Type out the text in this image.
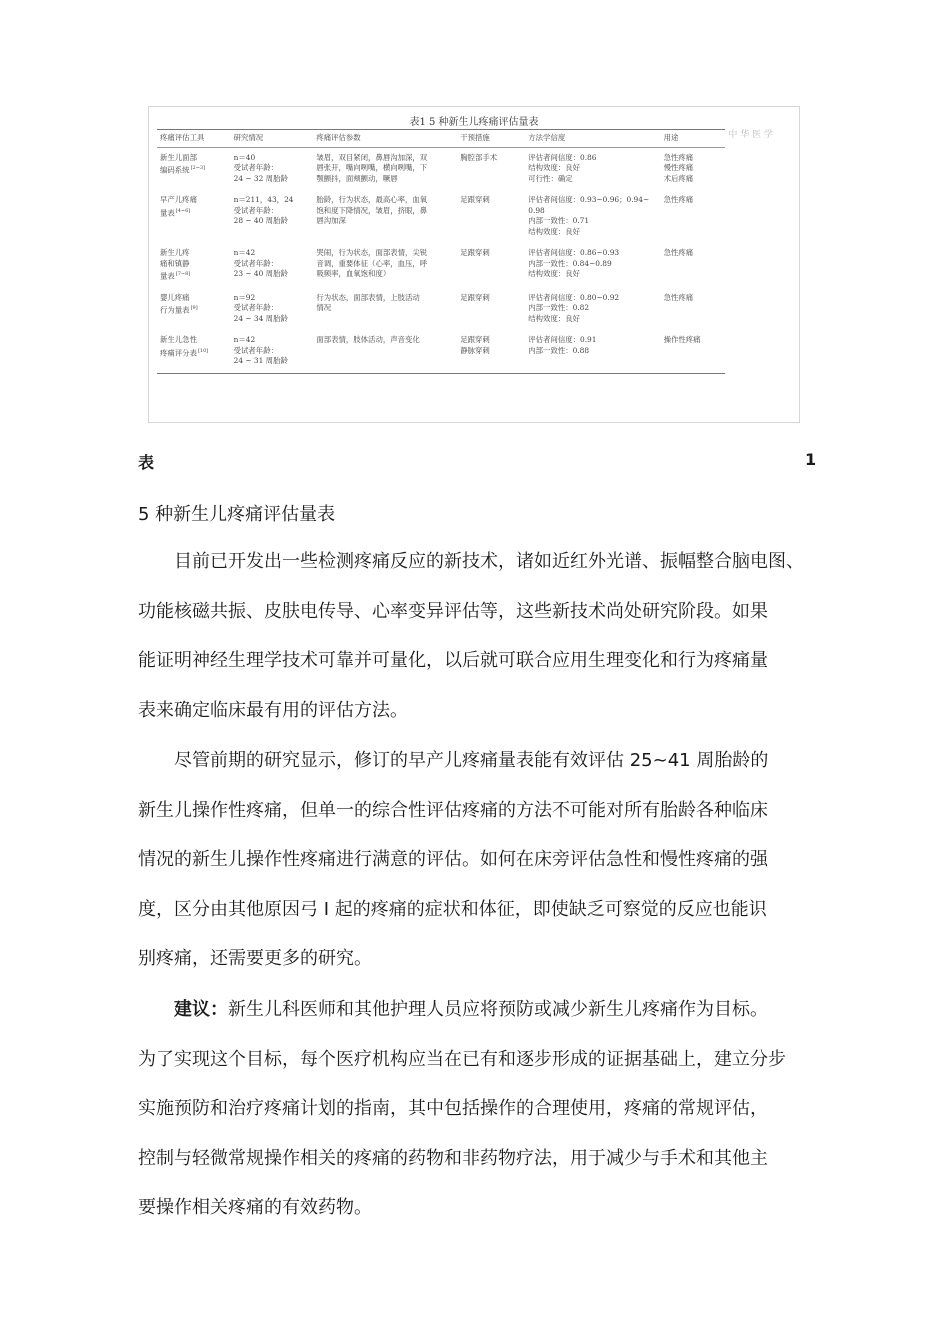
表1 5 种新生儿疼痛评估量表
中 华 医 学
疼痛评估工具	研究情况	疼痛评估参数	干预措施	方法学信度	用途

新生儿面部
编码系统[2~3]	n＝40
受试者年龄：
24 ~ 32 周胎龄	皱眉，双目紧闭，鼻唇沟加深，双
唇张开，嘴向咧嘴，横向咧嘴，下
颚颤抖，面颊颤动，噘唇	胸腔部手术	评估者间信度：0.86
结构效度：良好
可行性：确定	急性疼痛
慢性疼痛
术后疼痛

早产儿疼痛
量表[4~6]	n＝211，43，24
受试者年龄：
28 ~ 40 周胎龄	胎龄，行为状态，最高心率，血氧
饱和度下降情况，皱眉，挤眼，鼻
唇沟加深	足跟穿刺	评估者间信度：0.93~0.96；0.94~
0.98
内部一致性：0.71
结构效度：良好	急性疼痛

新生儿疼
痛和镇静
量表[7~8]	n＝42
受试者年龄：
23 ~ 40 周胎龄	哭闹，行为状态，面部表情，尖锐
音调，重要体征（心率，血压，呼
吸频率，血氧饱和度）	足跟穿刺	评估者间信度：0.86~0.93
内部一致性：0.84~0.89
结构效度：良好	急性疼痛

婴儿疼痛
行为量表[9]	n＝92
受试者年龄：
24 ~ 34 周胎龄	行为状态，面部表情，上肢活动
情况	足跟穿刺	评估者间信度：0.80~0.92
内部一致性：0.82
结构效度：良好	急性疼痛

新生儿急性
疼痛评分表[10]	n＝42
受试者年龄：
24 ~ 31 周胎龄	面部表情，肢体活动，声音变化	足跟穿刺
静脉穿刺	评估者间信度：0.91
内部一致性：0.88	操作性疼痛
表	1
5 种新生儿疼痛评估量表
目前已开发出一些检测疼痛反应的新技术，诸如近红外光谱、振幅整合脑电图、
功能核磁共振、皮肤电传导、心率变异评估等，这些新技术尚处研究阶段。如果
能证明神经生理学技术可靠并可量化，以后就可联合应用生理变化和行为疼痛量
表来确定临床最有用的评估方法。
尽管前期的研究显示，修订的早产儿疼痛量表能有效评估 25~41 周胎龄的
新生儿操作性疼痛，但单一的综合性评估疼痛的方法不可能对所有胎龄各种临床
情况的新生儿操作性疼痛进行满意的评估。如何在床旁评估急性和慢性疼痛的强
度，区分由其他原因弓 I 起的疼痛的症状和体征，即使缺乏可察觉的反应也能识
别疼痛，还需要更多的研究。
建议：新生儿科医师和其他护理人员应将预防或减少新生儿疼痛作为目标。
为了实现这个目标，每个医疗机构应当在已有和逐步形成的证据基础上，建立分步
实施预防和治疗疼痛计划的指南，其中包括操作的合理使用，疼痛的常规评估，
控制与轻微常规操作相关的疼痛的药物和非药物疗法，用于减少与手术和其他主
要操作相关疼痛的有效药物。
